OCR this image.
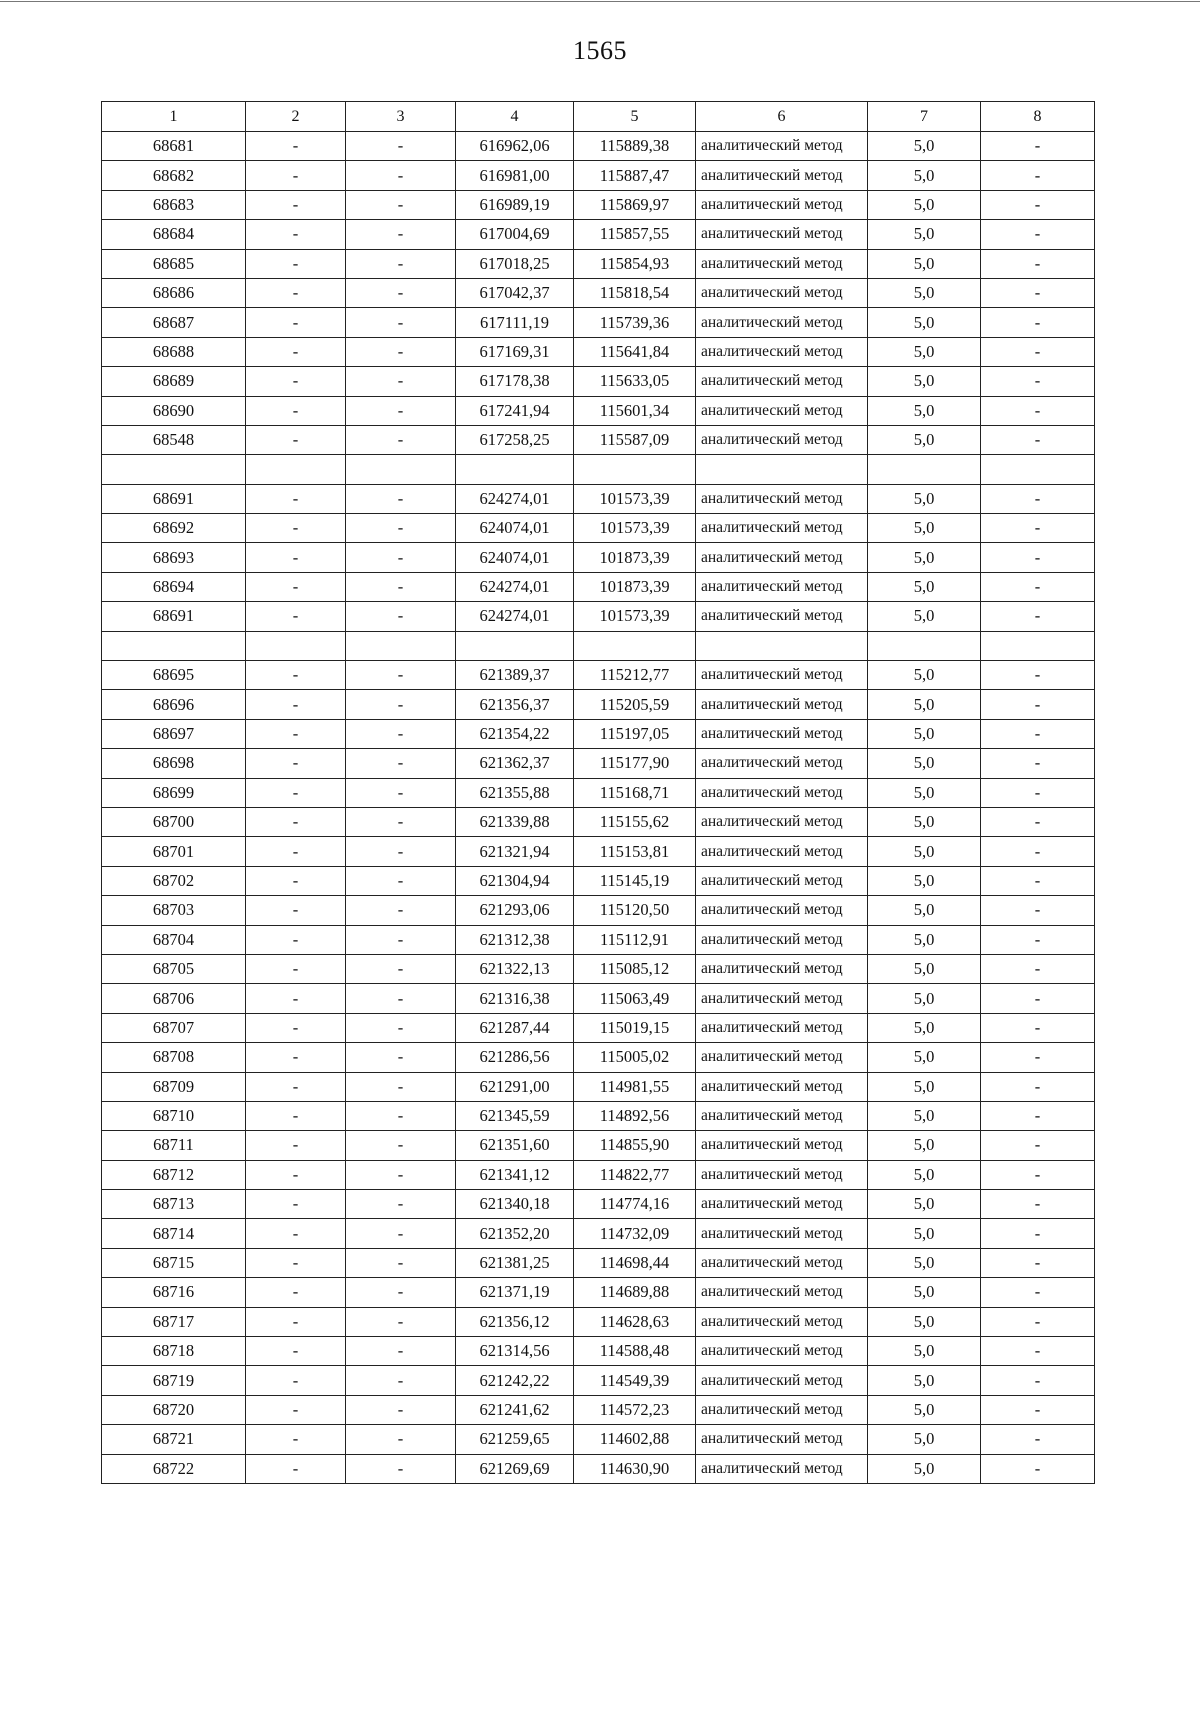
1565
1	2	3	4	5	6	7	8
68681	-	-	616962,06	115889,38	аналитический метод	5,0	-
68682	-	-	616981,00	115887,47	аналитический метод	5,0	-
68683	-	-	616989,19	115869,97	аналитический метод	5,0	-
68684	-	-	617004,69	115857,55	аналитический метод	5,0	-
68685	-	-	617018,25	115854,93	аналитический метод	5,0	-
68686	-	-	617042,37	115818,54	аналитический метод	5,0	-
68687	-	-	617111,19	115739,36	аналитический метод	5,0	-
68688	-	-	617169,31	115641,84	аналитический метод	5,0	-
68689	-	-	617178,38	115633,05	аналитический метод	5,0	-
68690	-	-	617241,94	115601,34	аналитический метод	5,0	-
68548	-	-	617258,25	115587,09	аналитический метод	5,0	-

68691	-	-	624274,01	101573,39	аналитический метод	5,0	-
68692	-	-	624074,01	101573,39	аналитический метод	5,0	-
68693	-	-	624074,01	101873,39	аналитический метод	5,0	-
68694	-	-	624274,01	101873,39	аналитический метод	5,0	-
68691	-	-	624274,01	101573,39	аналитический метод	5,0	-

68695	-	-	621389,37	115212,77	аналитический метод	5,0	-
68696	-	-	621356,37	115205,59	аналитический метод	5,0	-
68697	-	-	621354,22	115197,05	аналитический метод	5,0	-
68698	-	-	621362,37	115177,90	аналитический метод	5,0	-
68699	-	-	621355,88	115168,71	аналитический метод	5,0	-
68700	-	-	621339,88	115155,62	аналитический метод	5,0	-
68701	-	-	621321,94	115153,81	аналитический метод	5,0	-
68702	-	-	621304,94	115145,19	аналитический метод	5,0	-
68703	-	-	621293,06	115120,50	аналитический метод	5,0	-
68704	-	-	621312,38	115112,91	аналитический метод	5,0	-
68705	-	-	621322,13	115085,12	аналитический метод	5,0	-
68706	-	-	621316,38	115063,49	аналитический метод	5,0	-
68707	-	-	621287,44	115019,15	аналитический метод	5,0	-
68708	-	-	621286,56	115005,02	аналитический метод	5,0	-
68709	-	-	621291,00	114981,55	аналитический метод	5,0	-
68710	-	-	621345,59	114892,56	аналитический метод	5,0	-
68711	-	-	621351,60	114855,90	аналитический метод	5,0	-
68712	-	-	621341,12	114822,77	аналитический метод	5,0	-
68713	-	-	621340,18	114774,16	аналитический метод	5,0	-
68714	-	-	621352,20	114732,09	аналитический метод	5,0	-
68715	-	-	621381,25	114698,44	аналитический метод	5,0	-
68716	-	-	621371,19	114689,88	аналитический метод	5,0	-
68717	-	-	621356,12	114628,63	аналитический метод	5,0	-
68718	-	-	621314,56	114588,48	аналитический метод	5,0	-
68719	-	-	621242,22	114549,39	аналитический метод	5,0	-
68720	-	-	621241,62	114572,23	аналитический метод	5,0	-
68721	-	-	621259,65	114602,88	аналитический метод	5,0	-
68722	-	-	621269,69	114630,90	аналитический метод	5,0	-
